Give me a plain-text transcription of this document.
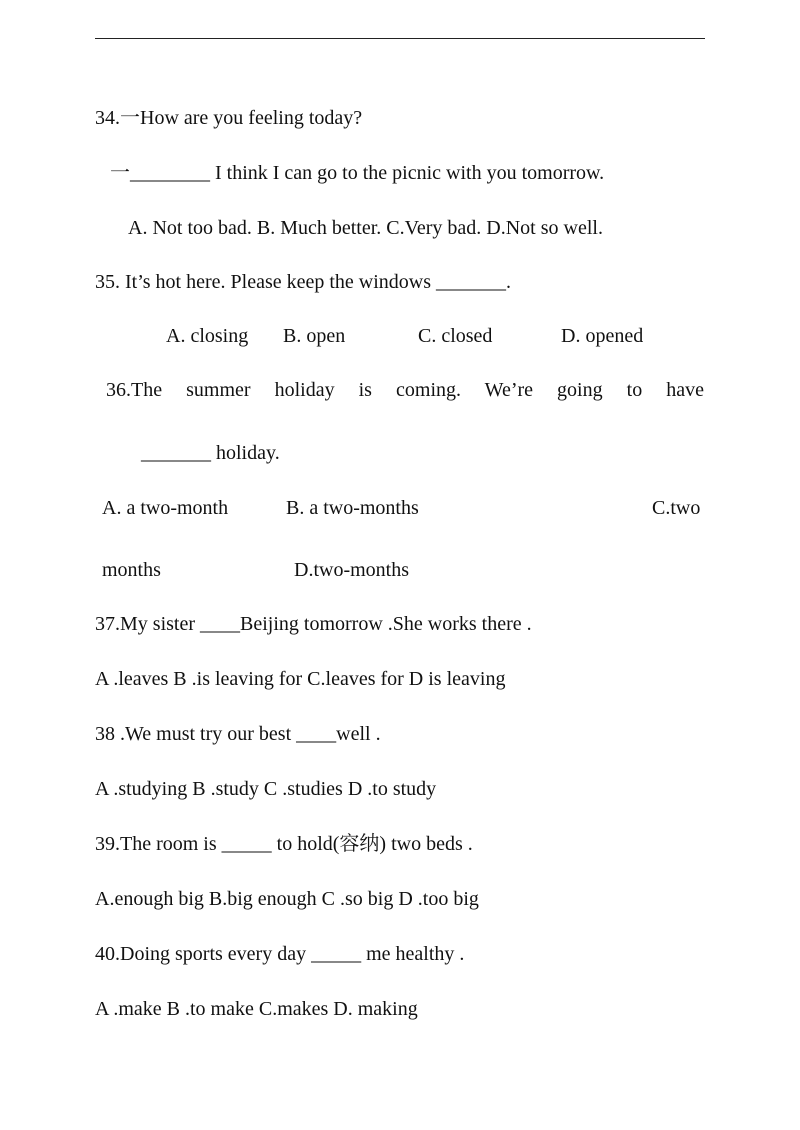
34.一How are you feeling today?
一________ I think I can go to the picnic with you tomorrow.
A. Not too bad. B. Much better. C.Very bad. D.Not so well.
35. It’s hot here. Please keep the windows _______.
A. closing B. open	C. closed	D. opened
36.The summer holiday is coming. We’re going to have
_______ holiday.
A. a two-month	B. a two-months	C.two
months	D.two-months
37.My sister ____Beijing tomorrow .She works there .
A .leaves B .is leaving for C.leaves for D is leaving
38 .We must try our best ____well .
A .studying B .study C .studies D .to study
39.The room is _____ to hold(容纳) two beds .
A.enough big B.big enough C .so big D .too big
40.Doing sports every day _____ me healthy .
A .make B .to make C.makes D. making
